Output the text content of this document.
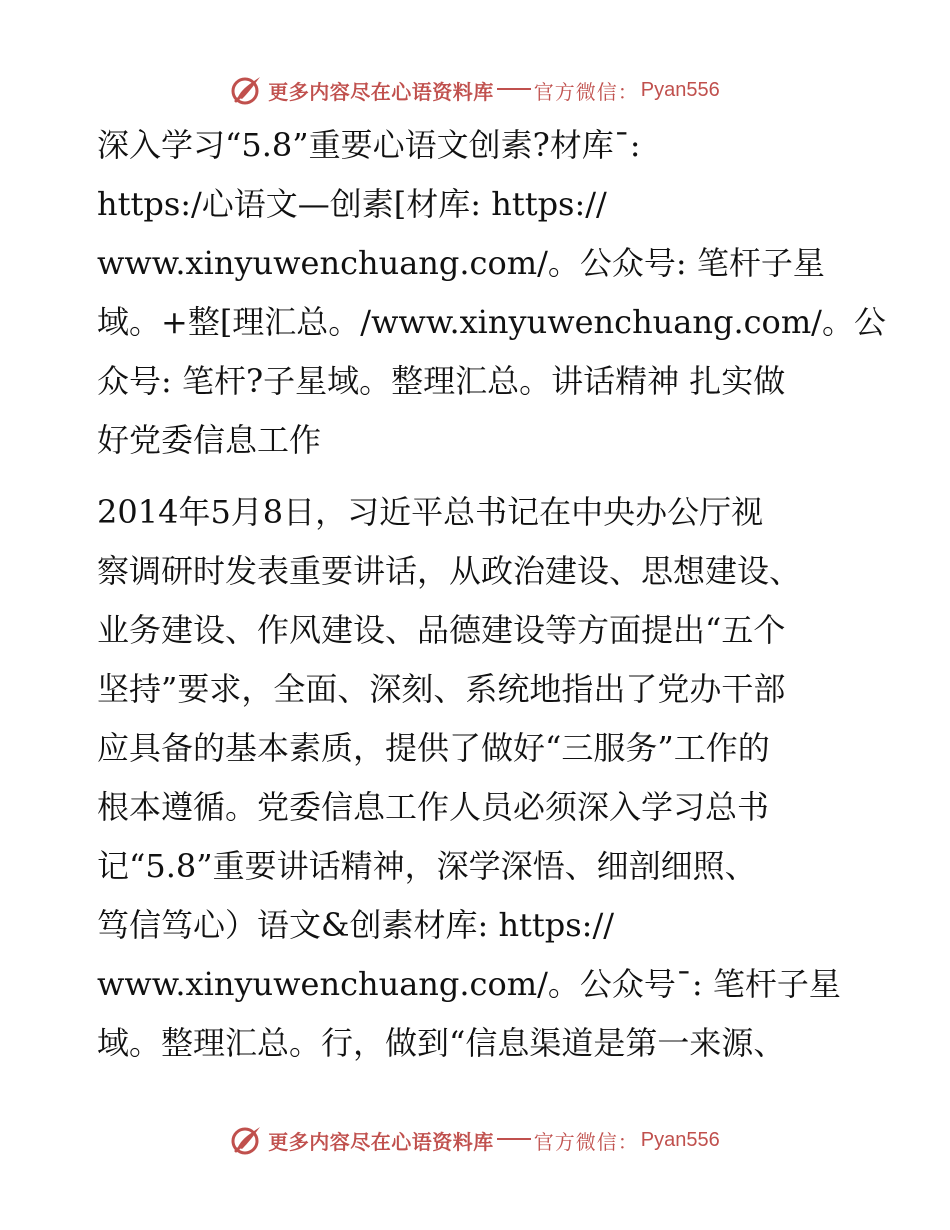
更多内容尽在心语资料库 官方微信： Pyan556

深入学习“5.8”重要心语文创素?材库¯:
https:/心语文—创素[材库: https://
www.xinyuwenchuang.com/。公众号: 笔杆子星
域。+整[理汇总。/www.xinyuwenchuang.com/。公
众号: 笔杆?子星域。整理汇总。讲话精神 扎实做
好党委信息工作

2014年5月8日，习近平总书记在中央办公厅视
察调研时发表重要讲话，从政治建设、思想建设、
业务建设、作风建设、品德建设等方面提出“五个
坚持”要求，全面、深刻、系统地指出了党办干部
应具备的基本素质，提供了做好“三服务”工作的
根本遵循。党委信息工作人员必须深入学习总书
记“5.8”重要讲话精神，深学深悟、细剖细照、
笃信笃心）语文&创素材库: https://
www.xinyuwenchuang.com/。公众号¯: 笔杆子星
域。整理汇总。行，做到“信息渠道是第一来源、

更多内容尽在心语资料库 官方微信： Pyan556
